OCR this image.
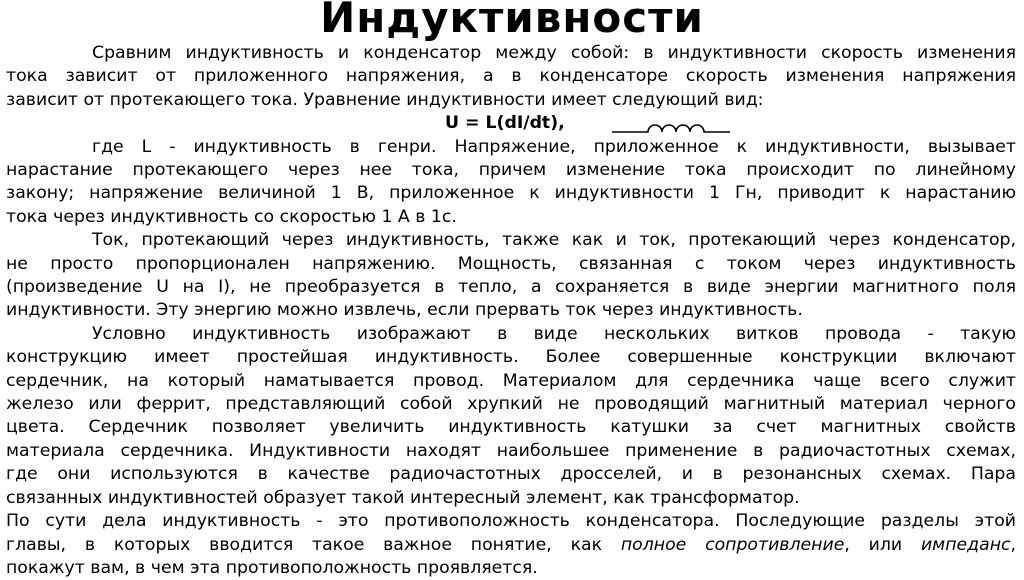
Индуктивности
Сравним индуктивность и конденсатор между собой: в индуктивности скорость изменения
тока зависит от приложенного напряжения, а в конденсаторе скорость изменения напряжения
зависит от протекающего тока. Уравнение индуктивности имеет следующий вид:
U = L(dI/dt),
где L - индуктивность в генри. Напряжение, приложенное к индуктивности, вызывает
нарастание протекающего через нее тока, причем изменение тока происходит по линейному
закону; напряжение величиной 1 В, приложенное к индуктивности 1 Гн, приводит к нарастанию
тока через индуктивность со скоростью 1 А в 1с.
Ток, протекающий через индуктивность, также как и ток, протекающий через конденсатор,
не просто пропорционален напряжению. Мощность, связанная с током через индуктивность
(произведение U на I), не преобразуется в тепло, а сохраняется в виде энергии магнитного поля
индуктивности. Эту энергию можно извлечь, если прервать ток через индуктивность.
Условно индуктивность изображают в виде нескольких витков провода - такую
конструкцию имеет простейшая индуктивность. Более совершенные конструкции включают
сердечник, на который наматывается провод. Материалом для сердечника чаще всего служит
железо или феррит, представляющий собой хрупкий не проводящий магнитный материал черного
цвета. Сердечник позволяет увеличить индуктивность катушки за счет магнитных свойств
материала сердечника. Индуктивности находят наибольшее применение в радиочастотных схемах,
где они используются в качестве радиочастотных дросселей, и в резонансных схемах. Пара
связанных индуктивностей образует такой интересный элемент, как трансформатор.
По сути дела индуктивность - это противоположность конденсатора. Последующие разделы этой
главы, в которых вводится такое важное понятие, как полное сопротивление, или импеданс,
покажут вам, в чем эта противоположность проявляется.
